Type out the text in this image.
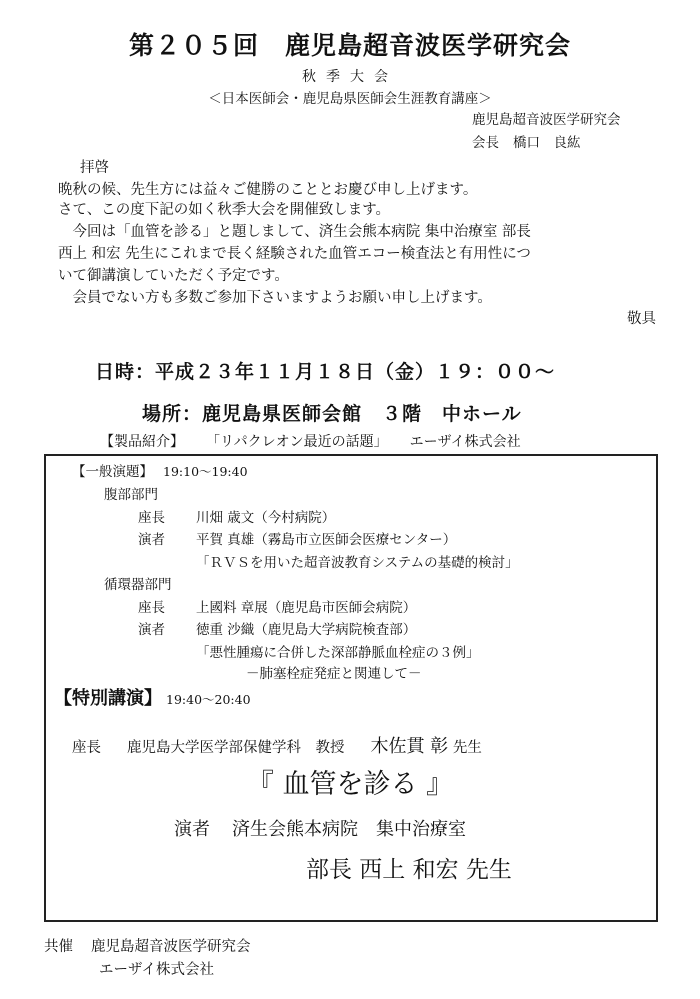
第２０５回　鹿児島超音波医学研究会
秋季大会
＜日本医師会・鹿児島県医師会生涯教育講座＞
鹿児島超音波医学研究会
会長 橋口　良紘
拝啓
晩秋の候、先生方には益々ご健勝のこととお慶び申し上げます。
さて、この度下記の如く秋季大会を開催致します。
　今回は「血管を診る」と題しまして、済生会熊本病院 集中治療室 部長
西上 和宏 先生にこれまで長く経験された血管エコー検査法と有用性につ
いて御講演していただく予定です。
　会員でない方も多数ご参加下さいますようお願い申し上げます。
敬具
日時：平成２３年１１月１８日（金）１９：００～
場所：鹿児島県医師会館　３階　中ホール
【製品紹介】 「リパクレオン最近の話題」 エーザイ株式会社
【一般演題】 19:10～19:40
腹部部門
座長 川畑 歳文（今村病院）
演者 平賀 真雄（霧島市立医師会医療センター）
「ＲＶＳを用いた超音波教育システムの基礎的検討」
循環器部門
座長 上國料 章展（鹿児島市医師会病院）
演者 徳重 沙織（鹿児島大学病院検査部）
「悪性腫瘍に合併した深部静脈血栓症の３例」
－肺塞栓症発症と関連して－
【特別講演】 19:40～20:40
座長 鹿児島大学医学部保健学科　教授 木佐貫 彰 先生
『 血管を診る 』
演者 済生会熊本病院　集中治療室
部長 西上 和宏 先生
共催 鹿児島超音波医学研究会
エーザイ株式会社
